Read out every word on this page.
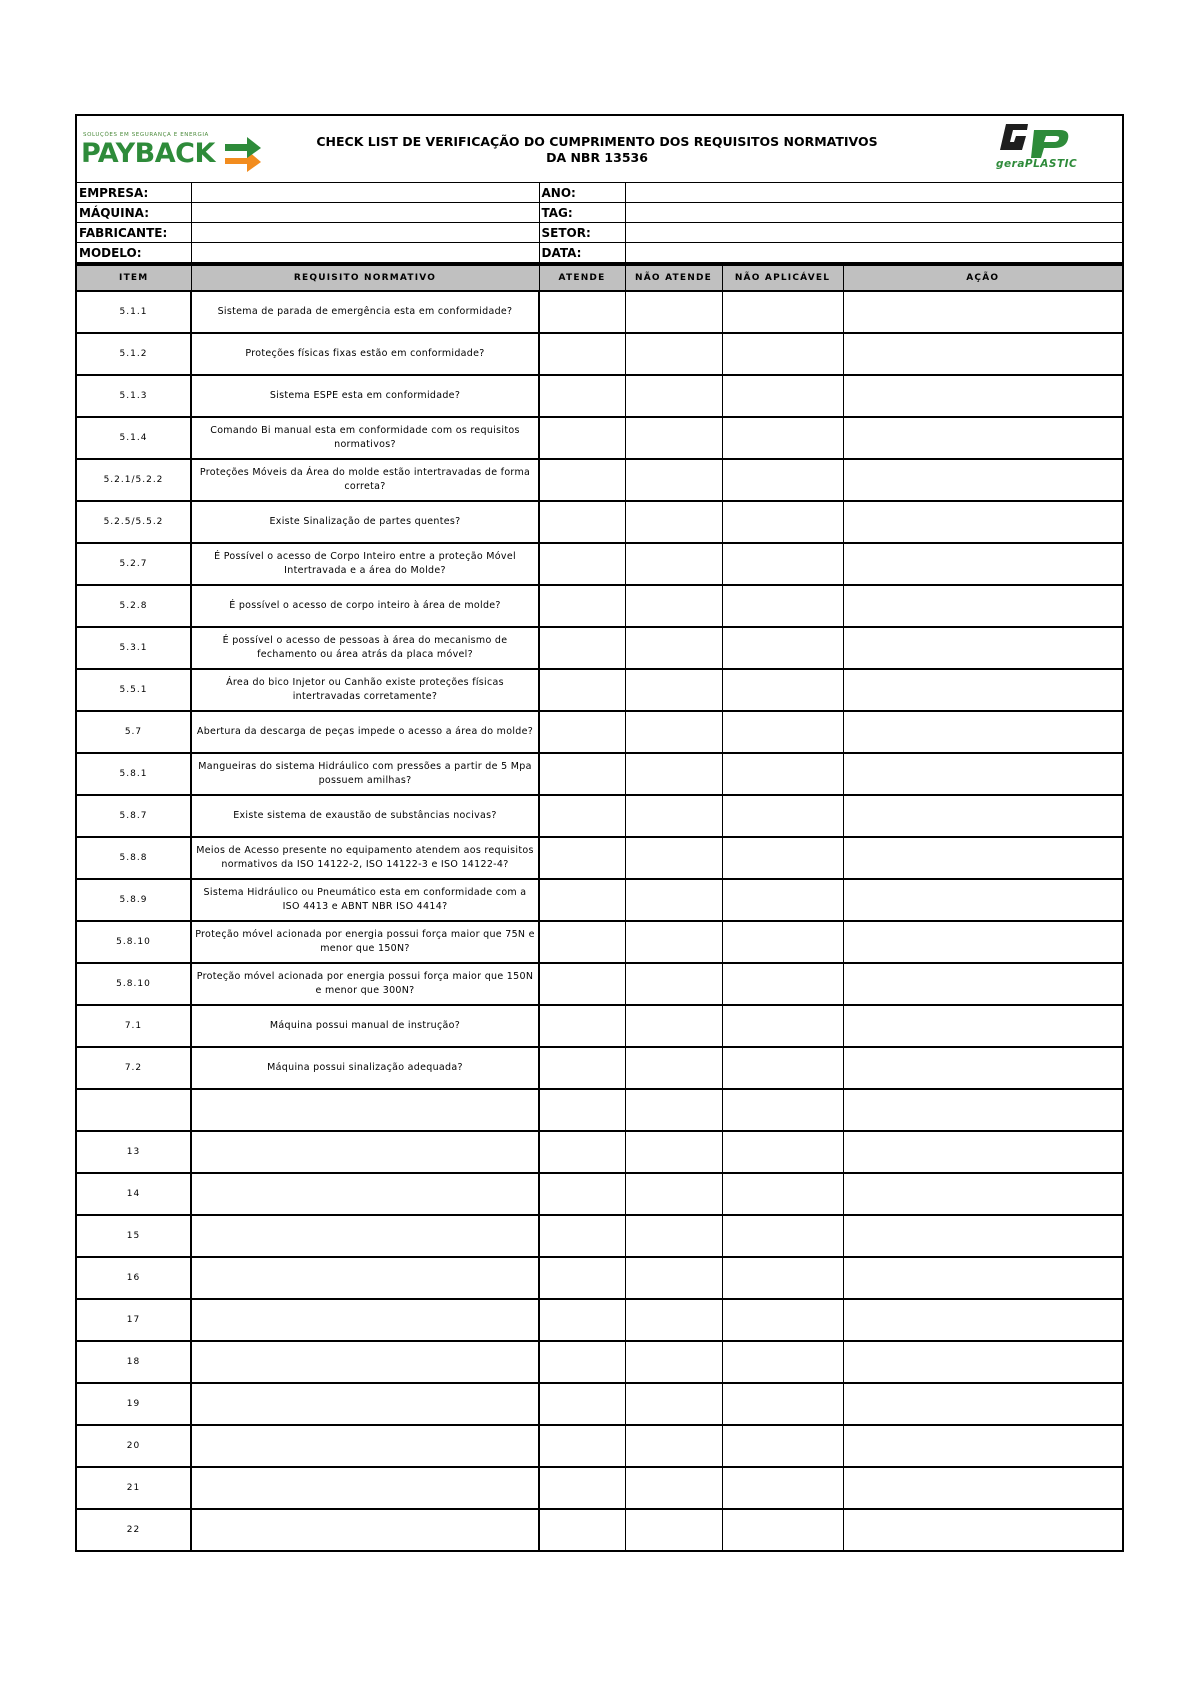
SOLUÇÕES EM SEGURANÇA E ENERGIA
PAYBACK	CHECK LIST DE VERIFICAÇÃO DO CUMPRIMENTO DOS REQUISITOS NORMATIVOS
DA NBR 13536	geraPLASTIC
EMPRESA:		ANO:	
MÁQUINA:		TAG:	
FABRICANTE:		SETOR:	
MODELO:		DATA:	
ITEM	REQUISITO NORMATIVO	ATENDE	NÃO ATENDE	NÃO APLICÁVEL	AÇÃO
5.1.1	Sistema de parada de emergência esta em conformidade?				
5.1.2	Proteções físicas fixas estão em conformidade?				
5.1.3	Sistema ESPE esta em conformidade?				
5.1.4	Comando Bi manual esta em conformidade com os requisitos normativos?				
5.2.1/5.2.2	Proteções Móveis da Área do molde estão intertravadas de forma correta?				
5.2.5/5.5.2	Existe Sinalização de partes quentes?				
5.2.7	É Possível o acesso de Corpo Inteiro entre a proteção Móvel Intertravada e a área do Molde?				
5.2.8	É possível o acesso de corpo inteiro à área de molde?				
5.3.1	É possível o acesso de pessoas à área do mecanismo de fechamento ou área atrás da placa móvel?				
5.5.1	Área do bico Injetor ou Canhão existe proteções físicas intertravadas corretamente?				
5.7	Abertura da descarga de peças impede o acesso a área do molde?				
5.8.1	Mangueiras do sistema Hidráulico com pressões a partir de 5 Mpa possuem amilhas?				
5.8.7	Existe sistema de exaustão de substâncias nocivas?				
5.8.8	Meios de Acesso presente no equipamento atendem aos requisitos normativos da ISO 14122-2, ISO 14122-3 e ISO 14122-4?				
5.8.9	Sistema Hidráulico ou Pneumático esta em conformidade com a ISO 4413 e ABNT NBR ISO 4414?				
5.8.10	Proteção móvel acionada por energia possui força maior que 75N e menor que 150N?				
5.8.10	Proteção móvel acionada por energia possui força maior que 150N e menor que 300N?				
7.1	Máquina possui manual de instrução?				
7.2	Máquina possui sinalização adequada?				

13					
14					
15					
16					
17					
18					
19					
20					
21					
22					
